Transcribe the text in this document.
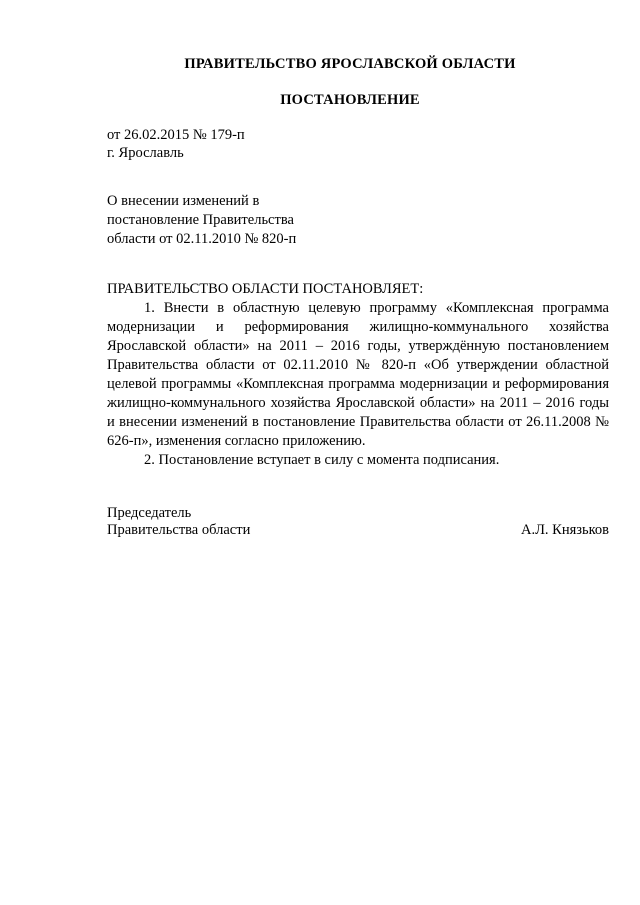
ПРАВИТЕЛЬСТВО ЯРОСЛАВСКОЙ ОБЛАСТИ
ПОСТАНОВЛЕНИЕ

от 26.02.2015 № 179-п

г. Ярославль

О внесении изменений в
постановление Правительства
области от 02.11.2010 № 820-п

ПРАВИТЕЛЬСТВО ОБЛАСТИ ПОСТАНОВЛЯЕТ:

1. Внести в областную целевую программу «Комплексная программа модернизации и реформирования жилищно-коммунального хозяйства Ярославской области» на 2011 – 2016 годы, утверждённую постановлением Правительства области от 02.11.2010 № 820-п «Об утверждении областной целевой программы «Комплексная программа модернизации и реформирования жилищно-коммунального хозяйства Ярославской области» на 2011 – 2016 годы и внесении изменений в постановление Правительства области от 26.11.2008 № 626-п», изменения согласно приложению.

2. Постановление вступает в силу с момента подписания.

Председатель
Правительства области	А.Л. Князьков
